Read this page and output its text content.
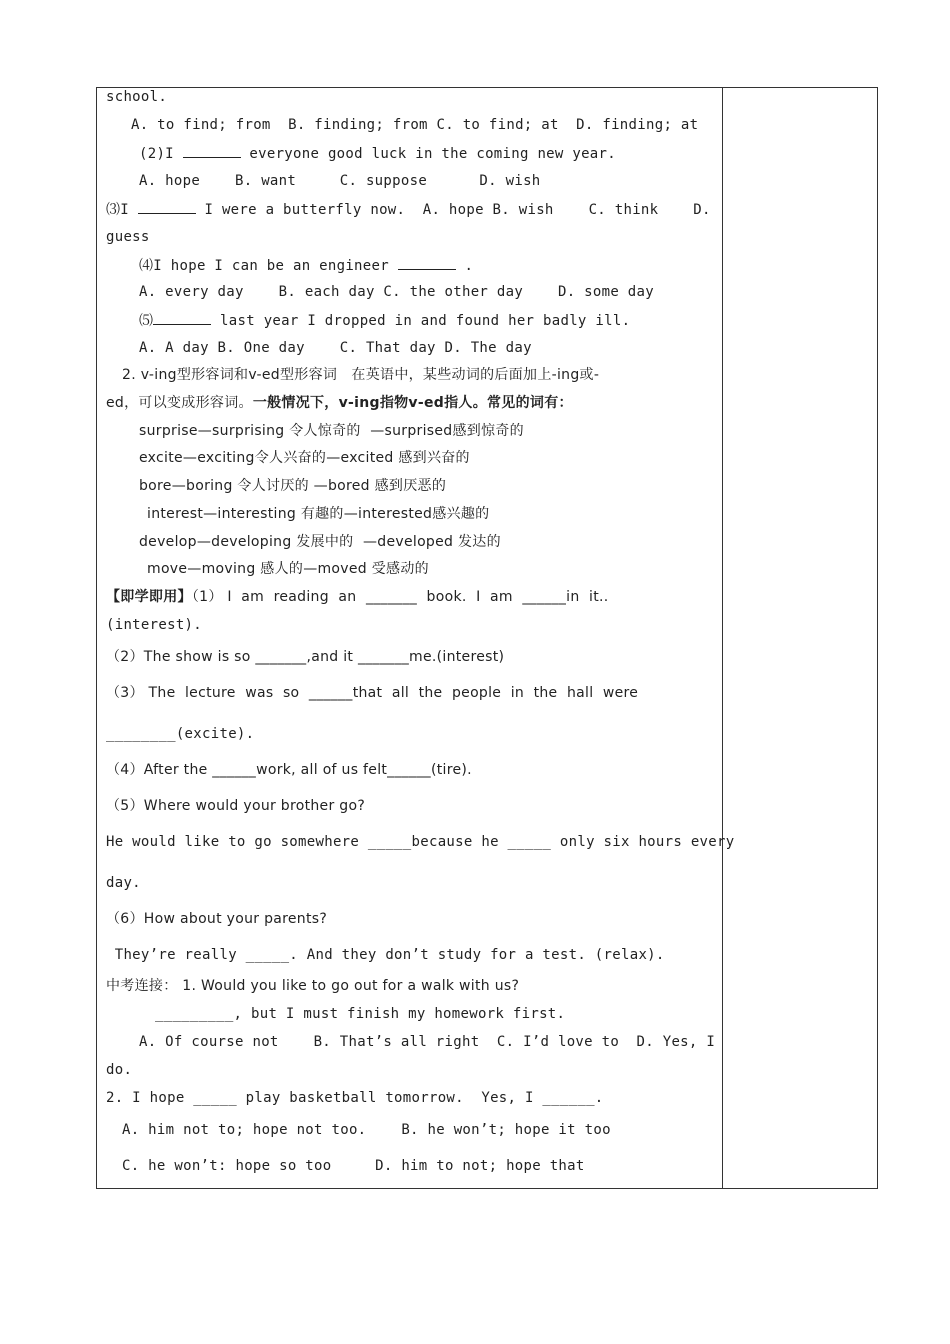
school.
A. to find; from  B. finding; from C. to find; at  D. finding; at
(2)I	everyone good luck in the coming new year.
A. hope    B. want     C. suppose      D. wish
⑶I	I were a butterfly now.  A. hope B. wish    C. think    D.
guess
⑷I hope I can be an engineer	.
A. every day    B. each day C. the other day    D. some day
⑸	last year I dropped in and found her badly ill.
A. A day B. One day    C. That day D. The day
2. v-ing型形容词和v-ed型形容词   在英语中，某些动词的后面加上-ing或-
ed，可以变成形容词。一般情况下，v-ing指物v-ed指人。常见的词有：
surprise—surprising 令人惊奇的  —surprised感到惊奇的
excite—exciting令人兴奋的—excited 感到兴奋的
bore—boring 令人讨厌的 —bored 感到厌恶的
interest—interesting 有趣的—interested感兴趣的
develop—developing 发展中的  —developed 发达的
move—moving 感人的—moved 受感动的
【即学即用】（1） I  am  reading  an  _______  book.  I  am  ______in  it..
(interest).
（2）The show is so _______,and it _______me.(interest)
（3） The  lecture  was  so  ______that  all  the  people  in  the  hall  were
________(excite).
（4）After the ______work, all of us felt______(tire).
（5）Where would your brother go?
He would like to go somewhere _____because he _____ only six hours every
day.
（6）How about your parents?
They’re really _____. And they don’t study for a test. (relax).
中考连接： 1. Would you like to go out for a walk with us?
_________, but I must finish my homework first.
A. Of course not    B. That’s all right  C. I’d love to  D. Yes, I
do.
2. I hope _____ play basketball tomorrow.  Yes, I ______.
A. him not to; hope not too.    B. he won’t; hope it too
C. he won’t: hope so too     D. him to not; hope that
